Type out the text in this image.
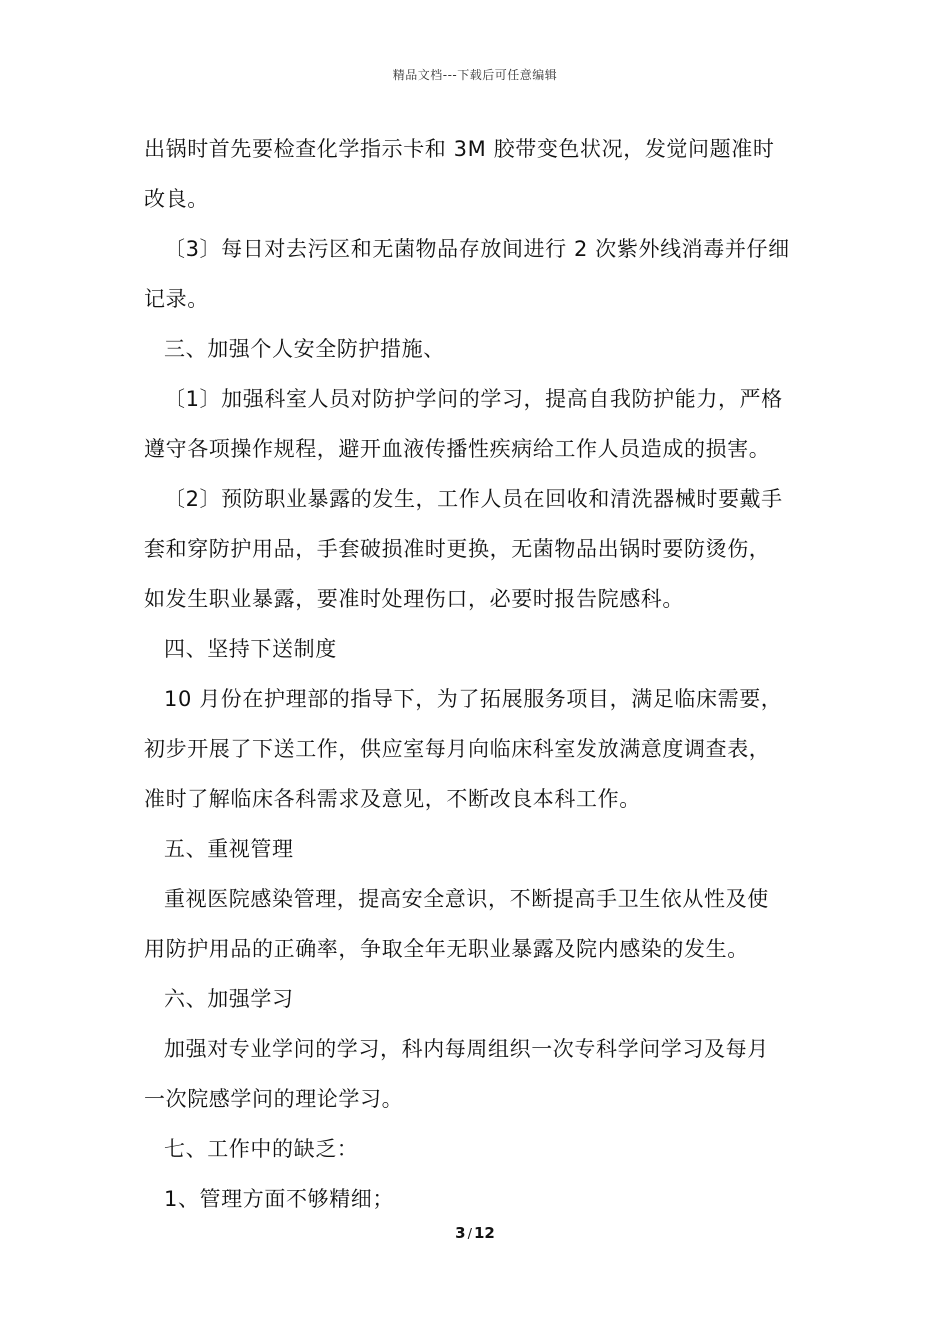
精品文档---下载后可任意编辑
出锅时首先要检查化学指示卡和 3M 胶带变色状况，发觉问题准时
改良。
〔3〕每日对去污区和无菌物品存放间进行 2 次紫外线消毒并仔细
记录。
三、加强个人安全防护措施、
〔1〕加强科室人员对防护学问的学习，提高自我防护能力，严格
遵守各项操作规程，避开血液传播性疾病给工作人员造成的损害。
〔2〕预防职业暴露的发生，工作人员在回收和清洗器械时要戴手
套和穿防护用品，手套破损准时更换，无菌物品出锅时要防烫伤，
如发生职业暴露，要准时处理伤口，必要时报告院感科。
四、坚持下送制度
10 月份在护理部的指导下，为了拓展服务项目，满足临床需要，
初步开展了下送工作，供应室每月向临床科室发放满意度调查表，
准时了解临床各科需求及意见，不断改良本科工作。
五、重视管理
重视医院感染管理，提高安全意识，不断提高手卫生依从性及使
用防护用品的正确率，争取全年无职业暴露及院内感染的发生。
六、加强学习
加强对专业学问的学习，科内每周组织一次专科学问学习及每月
一次院感学问的理论学习。
七、工作中的缺乏：
1、管理方面不够精细；
3 / 12
